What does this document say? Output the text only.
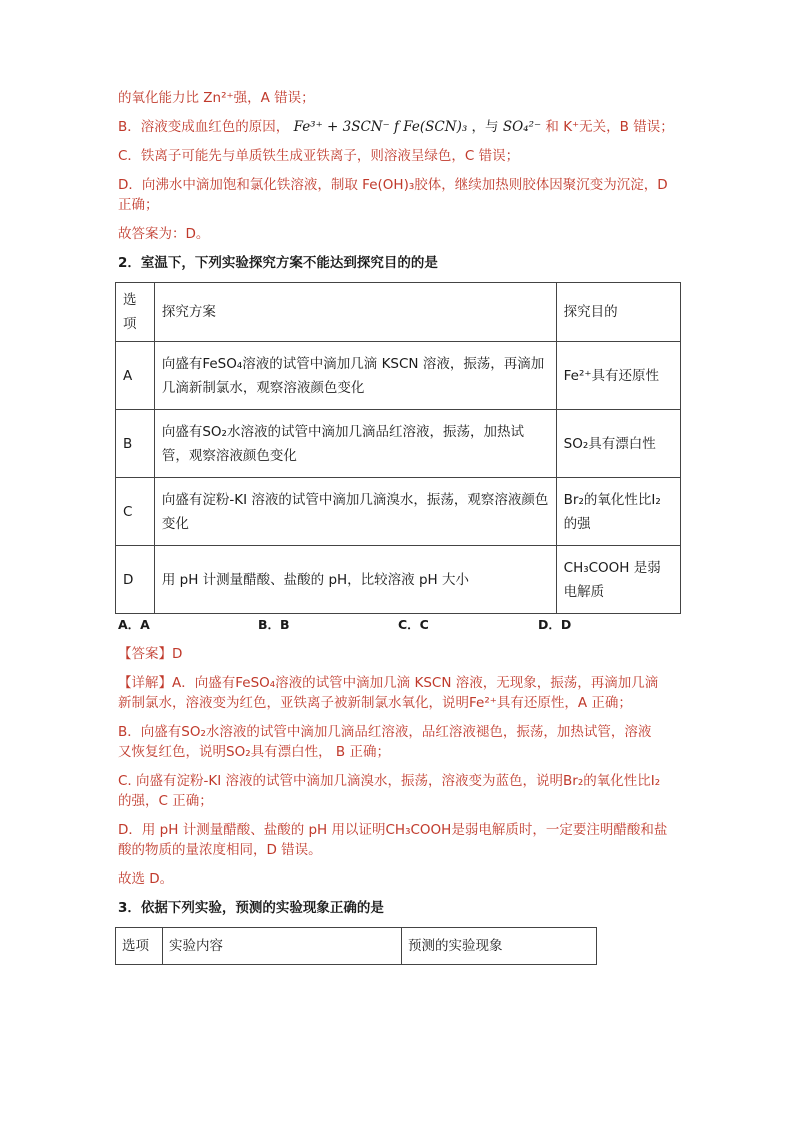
的氧化能力比 Zn²⁺强，A 错误；

B．溶液变成血红色的原因， Fe³⁺ + 3SCN⁻ f Fe(SCN)₃ ，与 SO₄²⁻ 和 K⁺无关，B 错误；

C．铁离子可能先与单质铁生成亚铁离子，则溶液呈绿色，C 错误；

D．向沸水中滴加饱和氯化铁溶液，制取 Fe(OH)₃胶体，继续加热则胶体因聚沉变为沉淀，D

正确；

故答案为：D。

2．室温下，下列实验探究方案不能达到探究目的的是

选项	探究方案	探究目的
A	向盛有FeSO₄溶液的试管中滴加几滴 KSCN 溶液，振荡，再滴加几滴新制氯水，观察溶液颜色变化	Fe²⁺具有还原性
B	向盛有SO₂水溶液的试管中滴加几滴品红溶液，振荡，加热试管，观察溶液颜色变化	SO₂具有漂白性
C	向盛有淀粉-KI 溶液的试管中滴加几滴溴水，振荡，观察溶液颜色变化	Br₂的氧化性比I₂的强
D	用 pH 计测量醋酸、盐酸的 pH，比较溶液 pH 大小	CH₃COOH 是弱电解质
A．A	B．B	C．C	D．D

【答案】D

【详解】A．向盛有FeSO₄溶液的试管中滴加几滴 KSCN 溶液，无现象，振荡，再滴加几滴

新制氯水，溶液变为红色，亚铁离子被新制氯水氧化，说明Fe²⁺具有还原性，A 正确；

B．向盛有SO₂水溶液的试管中滴加几滴品红溶液，品红溶液褪色，振荡，加热试管，溶液

又恢复红色，说明SO₂具有漂白性， B 正确；

C. 向盛有淀粉-KI 溶液的试管中滴加几滴溴水，振荡，溶液变为蓝色，说明Br₂的氧化性比I₂

的强，C 正确；

D．用 pH 计测量醋酸、盐酸的 pH 用以证明CH₃COOH是弱电解质时，一定要注明醋酸和盐

酸的物质的量浓度相同，D 错误。

故选 D。

3．依据下列实验，预测的实验现象正确的是

选项	实验内容	预测的实验现象
